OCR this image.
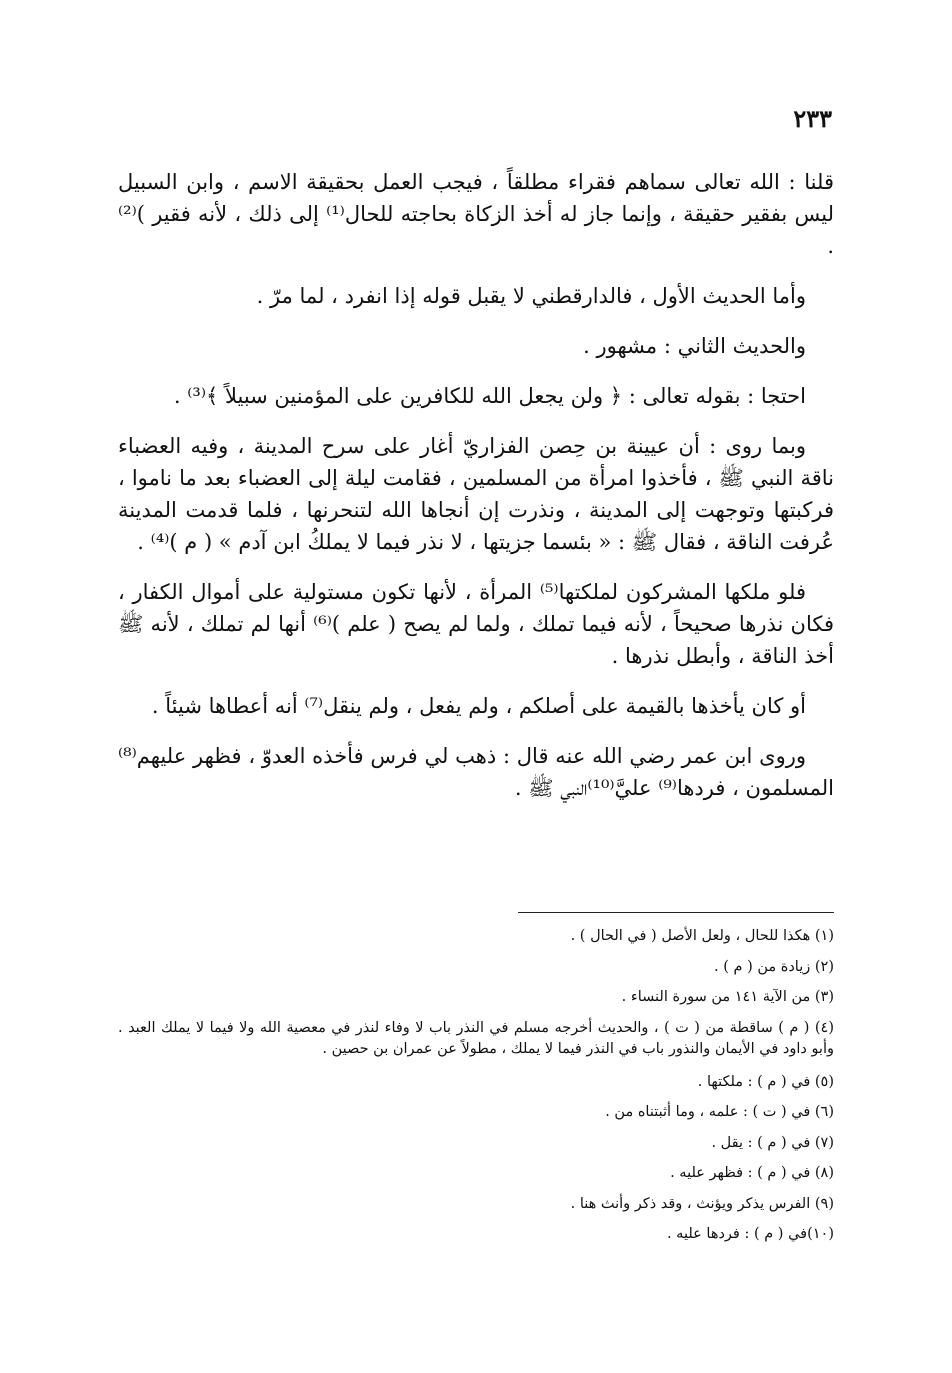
٢٣٣

قلنا : الله تعالى سماهم فقراء مطلقاً ، فيجب العمل بحقيقة الاسم ، وابن السبيل ليس بفقير حقيقة ، وإنما جاز له أخذ الزكاة بحاجته للحال⁽¹⁾ إلى ذلك ، لأنه فقير )⁽²⁾ .

وأما الحديث الأول ، فالدارقطني لا يقبل قوله إذا انفرد ، لما مرّ .

والحديث الثاني : مشهور .

احتجا : بقوله تعالى : ﴿ ولن يجعل الله للكافرين على المؤمنين سبيلاً ﴾⁽³⁾ .

وبما روى : أن عيينة بن حِصن الفزاريّ أغار على سرح المدينة ، وفيه العضباء ناقة النبي ﷺ ، فأخذوا امرأة من المسلمين ، فقامت ليلة إلى العضباء بعد ما ناموا ، فركبتها وتوجهت إلى المدينة ، ونذرت إن أنجاها الله لتنحرنها ، فلما قدمت المدينة عُرفت الناقة ، فقال ﷺ : « بئسما جزيتها ، لا نذر فيما لا يملكُ ابن آدم » ( م )⁽⁴⁾ .

فلو ملكها المشركون لملكتها⁽⁵⁾ المرأة ، لأنها تكون مستولية على أموال الكفار ، فكان نذرها صحيحاً ، لأنه فيما تملك ، ولما لم يصح ( علم )⁽⁶⁾ أنها لم تملك ، لأنه ﷺ أخذ الناقة ، وأبطل نذرها .

أو كان يأخذها بالقيمة على أصلكم ، ولم يفعل ، ولم ينقل⁽⁷⁾ أنه أعطاها شيئاً .

وروى ابن عمر رضي الله عنه قال : ذهب لي فرس فأخذه العدوّ ، فظهر عليهم⁽⁸⁾ المسلمون ، فردها⁽⁹⁾ عليَّ⁽¹⁰⁾النبي ﷺ .

(١) هكذا للحال ، ولعل الأصل ( في الحال ) .

(٢) زيادة من ( م ) .

(٣) من الآية ١٤١ من سورة النساء .

(٤) ( م ) ساقطة من ( ت ) ، والحديث أخرجه مسلم في النذر باب لا وفاء لنذر في معصية الله ولا فيما لا يملك العبد . وأبو داود في الأيمان والنذور باب في النذر فيما لا يملك ، مطولاً عن عمران بن حصين .

(٥) في ( م ) : ملكتها .

(٦) في ( ت ) : علمه ، وما أثبتناه من .

(٧) في ( م ) : يقل .

(٨) في ( م ) : فظهر عليه .

(٩) الفرس يذكر ويؤنث ، وقد ذكر وأنث هنا .

(١٠)في ( م ) : فردها عليه .
